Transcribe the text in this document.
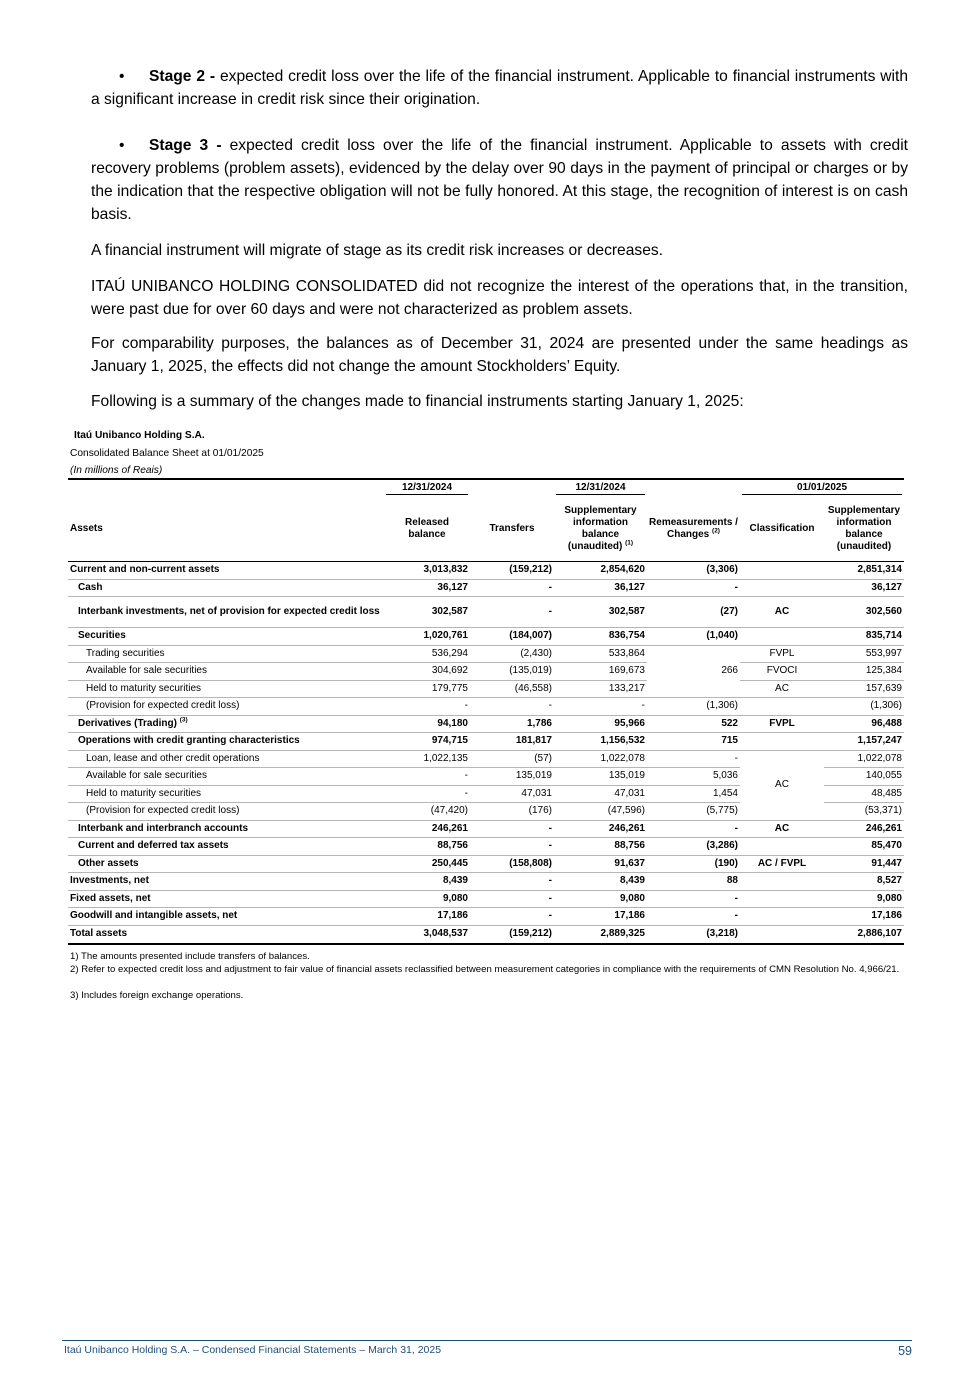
• Stage 2 - expected credit loss over the life of the financial instrument. Applicable to financial instruments with a significant increase in credit risk since their origination.
• Stage 3 - expected credit loss over the life of the financial instrument. Applicable to assets with credit recovery problems (problem assets), evidenced by the delay over 90 days in the payment of principal or charges or by the indication that the respective obligation will not be fully honored. At this stage, the recognition of interest is on cash basis.
A financial instrument will migrate of stage as its credit risk increases or decreases.
ITAÚ UNIBANCO HOLDING CONSOLIDATED did not recognize the interest of the operations that, in the transition, were past due for over 60 days and were not characterized as problem assets.
For comparability purposes, the balances as of December 31, 2024 are presented under the same headings as January 1, 2025, the effects did not change the amount Stockholders’ Equity.
Following is a summary of the changes made to financial instruments starting January 1, 2025:
Itaú Unibanco Holding S.A.
Consolidated Balance Sheet at 01/01/2025
(In millions of Reais)

	12/31/2024		12/31/2024		01/01/2025	

Assets	Released balance	Transfers	Supplementary information balance (unaudited) $^{(1)}$	Remeasurements / Changes $^{(2)}$	Classification	Supplementary information balance (unaudited)
Current and non-current assets	3,013,832	(159,212)	2,854,620	(3,306)		2,851,314
Cash	36,127	-	36,127	-		36,127
Interbank investments, net of provision for expected credit loss	302,587	-	302,587	(27)	AC	302,560
Securities	1,020,761	(184,007)	836,754	(1,040)		835,714
Trading securities	536,294	(2,430)	533,864	266	FVPL	553,997
Available for sale securities	304,692	(135,019)	169,673		FVOCI	125,384
Held to maturity securities	179,775	(46,558)	133,217		AC	157,639
(Provision for expected credit loss)	-	-	-	(1,306)		(1,306)
Derivatives (Trading) $^{(3)}$	94,180	1,786	95,966	522	FVPL	96,488
Operations with credit granting characteristics	974,715	181,817	1,156,532	715		1,157,247
Loan, lease and other credit operations	1,022,135	(57)	1,022,078	-	AC	1,022,078
Available for sale securities	-	135,019	135,019	5,036		140,055
Held to maturity securities	-	47,031	47,031	1,454		48,485
(Provision for expected credit loss)	(47,420)	(176)	(47,596)	(5,775)		(53,371)
Interbank and interbranch accounts	246,261	-	246,261	-	AC	246,261
Current and deferred tax assets	88,756	-	88,756	(3,286)		85,470
Other assets	250,445	(158,808)	91,637	(190)	AC / FVPL	91,447
Investments, net	8,439	-	8,439	88		8,527
Fixed assets, net	9,080	-	9,080	-		9,080
Goodwill and intangible assets, net	17,186	-	17,186	-		17,186
Total assets	3,048,537	(159,212)	2,889,325	(3,218)		2,886,107
1) The amounts presented include transfers of balances.
2) Refer to expected credit loss and adjustment to fair value of financial assets reclassified between measurement categories in compliance with the requirements of CMN Resolution No. 4,966/21.
3) Includes foreign exchange operations.
Itaú Unibanco Holding S.A. – Condensed Financial Statements – March 31, 2025	59
